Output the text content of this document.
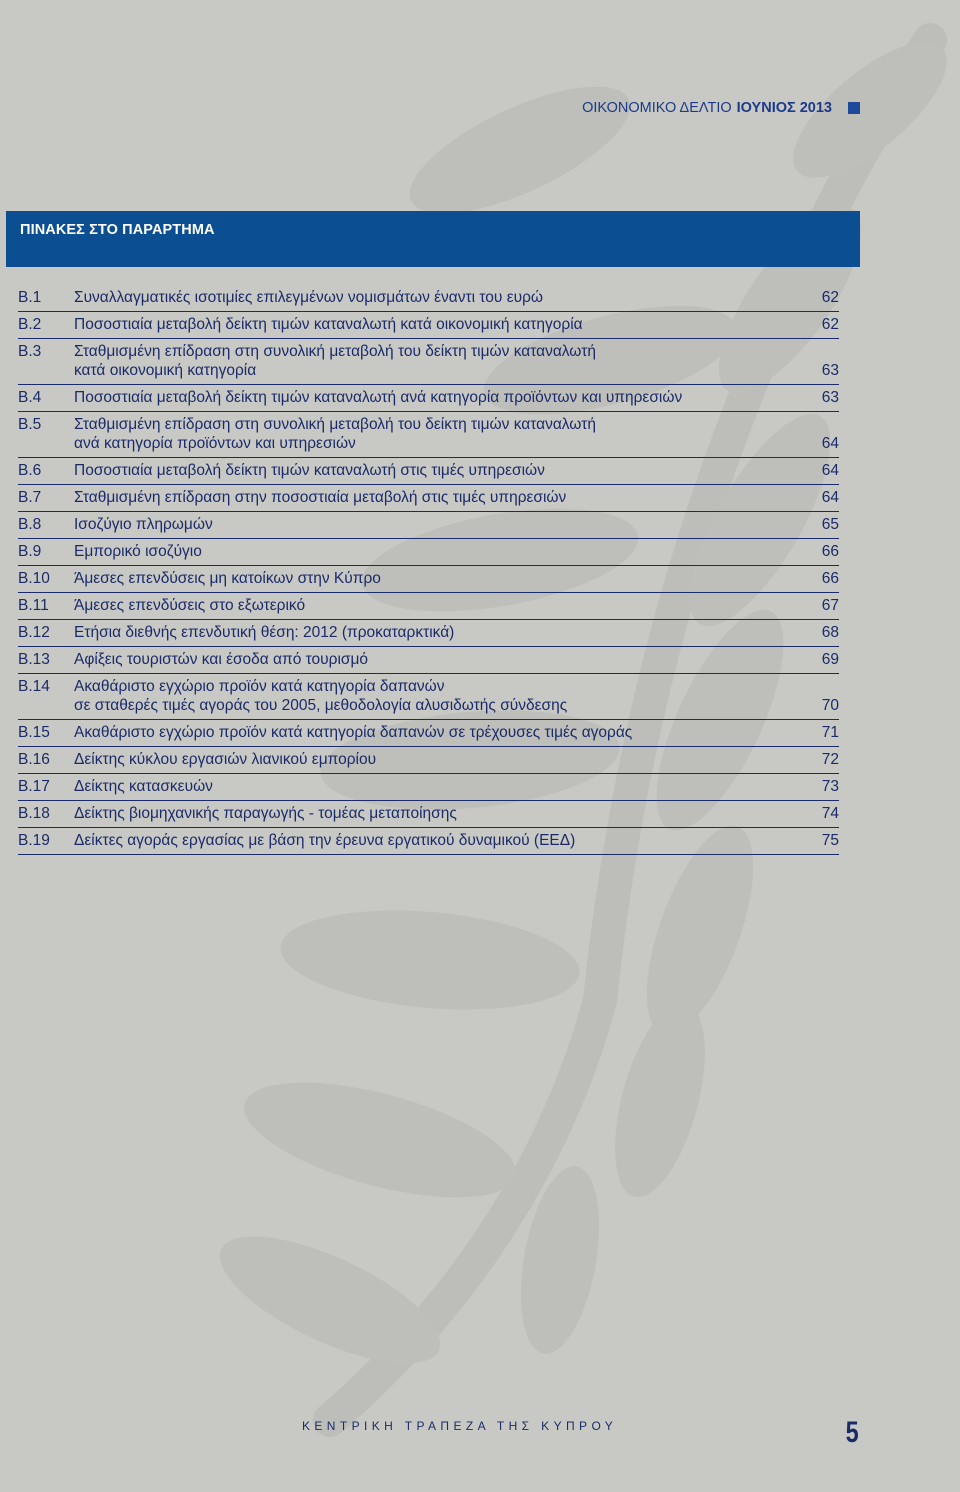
ΟΙΚΟΝΟΜΙΚΟ ΔΕΛΤΙΟ ΙΟΥΝΙΟΣ 2013
ΠΙΝΑΚΕΣ ΣΤΟ ΠΑΡΑΡΤΗΜΑ
Β.1 Συναλλαγματικές ισοτιμίες επιλεγμένων νομισμάτων έναντι του ευρώ	62
Β.2 Ποσοστιαία μεταβολή δείκτη τιμών καταναλωτή κατά οικονομική κατηγορία	62
Β.3 Σταθμισμένη επίδραση στη συνολική μεταβολή του δείκτη τιμών καταναλωτή
κατά οικονομική κατηγορία	63
Β.4 Ποσοστιαία μεταβολή δείκτη τιμών καταναλωτή ανά κατηγορία προϊόντων και υπηρεσιών	63
Β.5 Σταθμισμένη επίδραση στη συνολική μεταβολή του δείκτη τιμών καταναλωτή
ανά κατηγορία προϊόντων και υπηρεσιών	64
Β.6 Ποσοστιαία μεταβολή δείκτη τιμών καταναλωτή στις τιμές υπηρεσιών	64
Β.7 Σταθμισμένη επίδραση στην ποσοστιαία μεταβολή στις τιμές υπηρεσιών	64
Β.8 Ισοζύγιο πληρωμών	65
Β.9 Εμπορικό ισοζύγιο	66
Β.10 Άμεσες επενδύσεις μη κατοίκων στην Κύπρο	66
Β.11 Άμεσες επενδύσεις στο εξωτερικό	67
Β.12 Ετήσια διεθνής επενδυτική θέση: 2012 (προκαταρκτικά)	68
Β.13 Αφίξεις τουριστών και έσοδα από τουρισμό	69
Β.14 Ακαθάριστο εγχώριο προϊόν κατά κατηγορία δαπανών
σε σταθερές τιμές αγοράς του 2005, μεθοδολογία αλυσιδωτής σύνδεσης	70
Β.15 Ακαθάριστο εγχώριο προϊόν κατά κατηγορία δαπανών σε τρέχουσες τιμές αγοράς	71
Β.16 Δείκτης κύκλου εργασιών λιανικού εμπορίου	72
Β.17 Δείκτης κατασκευών	73
Β.18 Δείκτης βιομηχανικής παραγωγής - τομέας μεταποίησης	74
Β.19 Δείκτες αγοράς εργασίας με βάση την έρευνα εργατικού δυναμικού (ΕΕΔ)	75
ΚΕΝΤΡΙΚΗ ΤΡΑΠΕΖΑ ΤΗΣ ΚΥΠΡΟΥ	5
